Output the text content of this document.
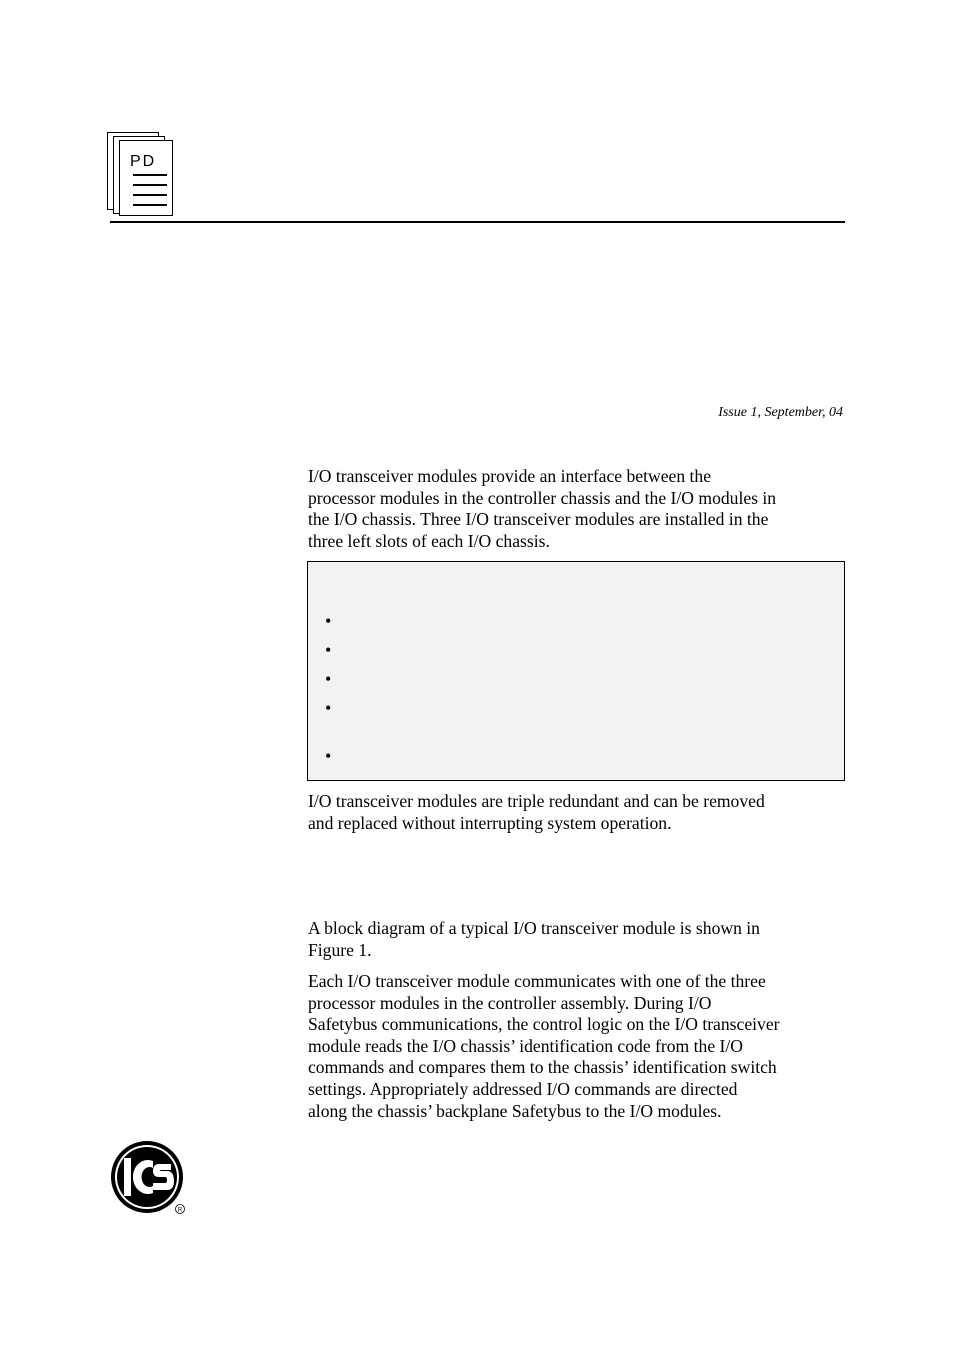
PD
Issue 1, September, 04

I/O transceiver modules provide an interface between the
processor modules in the controller chassis and the I/O modules in
the I/O chassis. Three I/O transceiver modules are installed in the
three left slots of each I/O chassis.

•
•
•
•
•

I/O transceiver modules are triple redundant and can be removed
and replaced without interrupting system operation.

A block diagram of a typical I/O transceiver module is shown in
Figure 1.

Each I/O transceiver module communicates with one of the three
processor modules in the controller assembly. During I/O
Safetybus communications, the control logic on the I/O transceiver
module reads the I/O chassis’ identification code from the I/O
commands and compares them to the chassis’ identification switch
settings. Appropriately addressed I/O commands are directed
along the chassis’ backplane Safetybus to the I/O modules.

R
